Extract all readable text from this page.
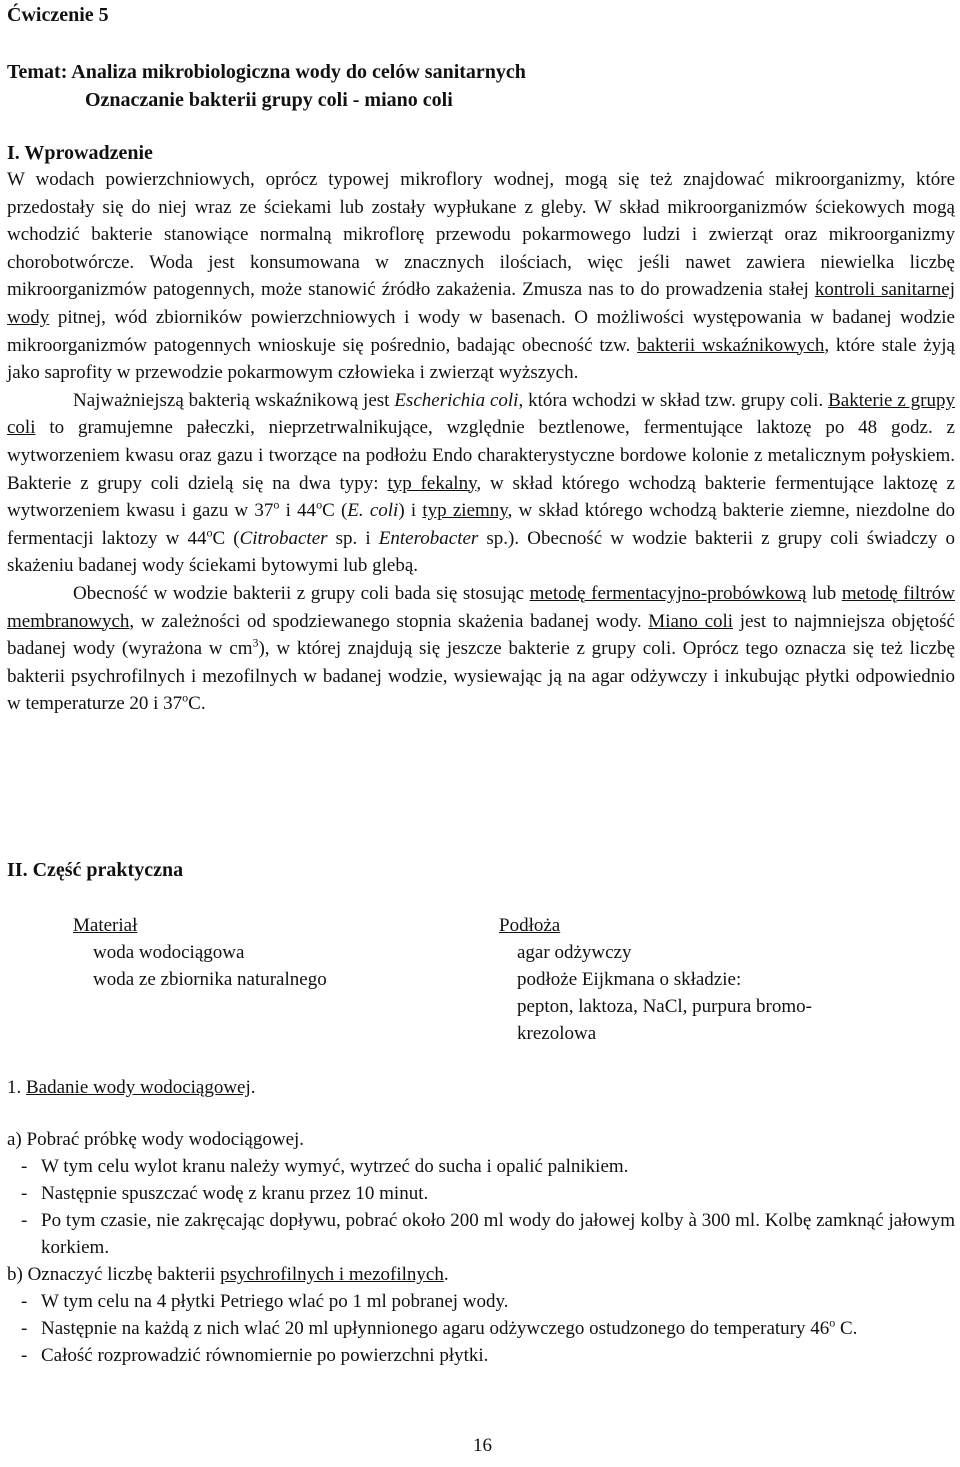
Ćwiczenie 5
Temat: Analiza mikrobiologiczna wody do celów sanitarnych
Oznaczanie bakterii grupy coli - miano coli
I. Wprowadzenie

W wodach powierzchniowych, oprócz typowej mikroflory wodnej, mogą się też znajdować mikroorganizmy, które przedostały się do niej wraz ze ściekami lub zostały wypłukane z gleby. W skład mikroorganizmów ściekowych mogą wchodzić bakterie stanowiące normalną mikroflorę przewodu pokarmowego ludzi i zwierząt oraz mikroorganizmy chorobotwórcze. Woda jest konsumowana w znacznych ilościach, więc jeśli nawet zawiera niewielka liczbę mikroorganizmów patogennych, może stanowić źródło zakażenia. Zmusza nas to do prowadzenia stałej kontroli sanitarnej wody pitnej, wód zbiorników powierzchniowych i wody w basenach. O możliwości występowania w badanej wodzie mikroorganizmów patogennych wnioskuje się pośrednio, badając obecność tzw. bakterii wskaźnikowych, które stale żyją jako saprofity w przewodzie pokarmowym człowieka i zwierząt wyższych.

Najważniejszą bakterią wskaźnikową jest Escherichia coli, która wchodzi w skład tzw. grupy coli. Bakterie z grupy coli to gramujemne pałeczki, nieprzetrwalnikujące, względnie beztlenowe, fermentujące laktozę po 48 godz. z wytworzeniem kwasu oraz gazu i tworzące na podłożu Endo charakterystyczne bordowe kolonie z metalicznym połyskiem. Bakterie z grupy coli dzielą się na dwa typy: typ fekalny, w skład którego wchodzą bakterie fermentujące laktozę z wytworzeniem kwasu i gazu w 37$^o$ i 44$^o$C (E. coli) i typ ziemny, w skład którego wchodzą bakterie ziemne, niezdolne do fermentacji laktozy w 44$^o$C (Citrobacter sp. i Enterobacter sp.). Obecność w wodzie bakterii z grupy coli świadczy o skażeniu badanej wody ściekami bytowymi lub glebą.

Obecność w wodzie bakterii z grupy coli bada się stosując metodę fermentacyjno-probówkową lub metodę filtrów membranowych, w zależności od spodziewanego stopnia skażenia badanej wody. Miano coli jest to najmniejsza objętość badanej wody (wyrażona w $cm^3$), w której znajdują się jeszcze bakterie z grupy coli. Oprócz tego oznacza się też liczbę bakterii psychrofilnych i mezofilnych w badanej wodzie, wysiewając ją na agar odżywczy i inkubując płytki odpowiednio w temperaturze 20 i 37$^o$C.

II. Część praktyczna
Materiał
woda wodociągowa
woda ze zbiornika naturalnego
Podłoża
agar odżywczy
podłoże Eijkmana o składzie:
pepton, laktoza, NaCl, purpura bromo-krezolowa
1. Badanie wody wodociągowej.
a) Pobrać próbkę wody wodociągowej.
- W tym celu wylot kranu należy wymyć, wytrzeć do sucha i opalić palnikiem.
- Następnie spuszczać wodę z kranu przez 10 minut.
- Po tym czasie, nie zakręcając dopływu, pobrać około 200 ml wody do jałowej kolby à 300 ml. Kolbę zamknąć jałowym korkiem.
b) Oznaczyć liczbę bakterii psychrofilnych i mezofilnych.
- W tym celu na 4 płytki Petriego wlać po 1 ml pobranej wody.
- Następnie na każdą z nich wlać 20 ml upłynnionego agaru odżywczego ostudzonego do temperatury 46$^o$ C.
- Całość rozprowadzić równomiernie po powierzchni płytki.
16
